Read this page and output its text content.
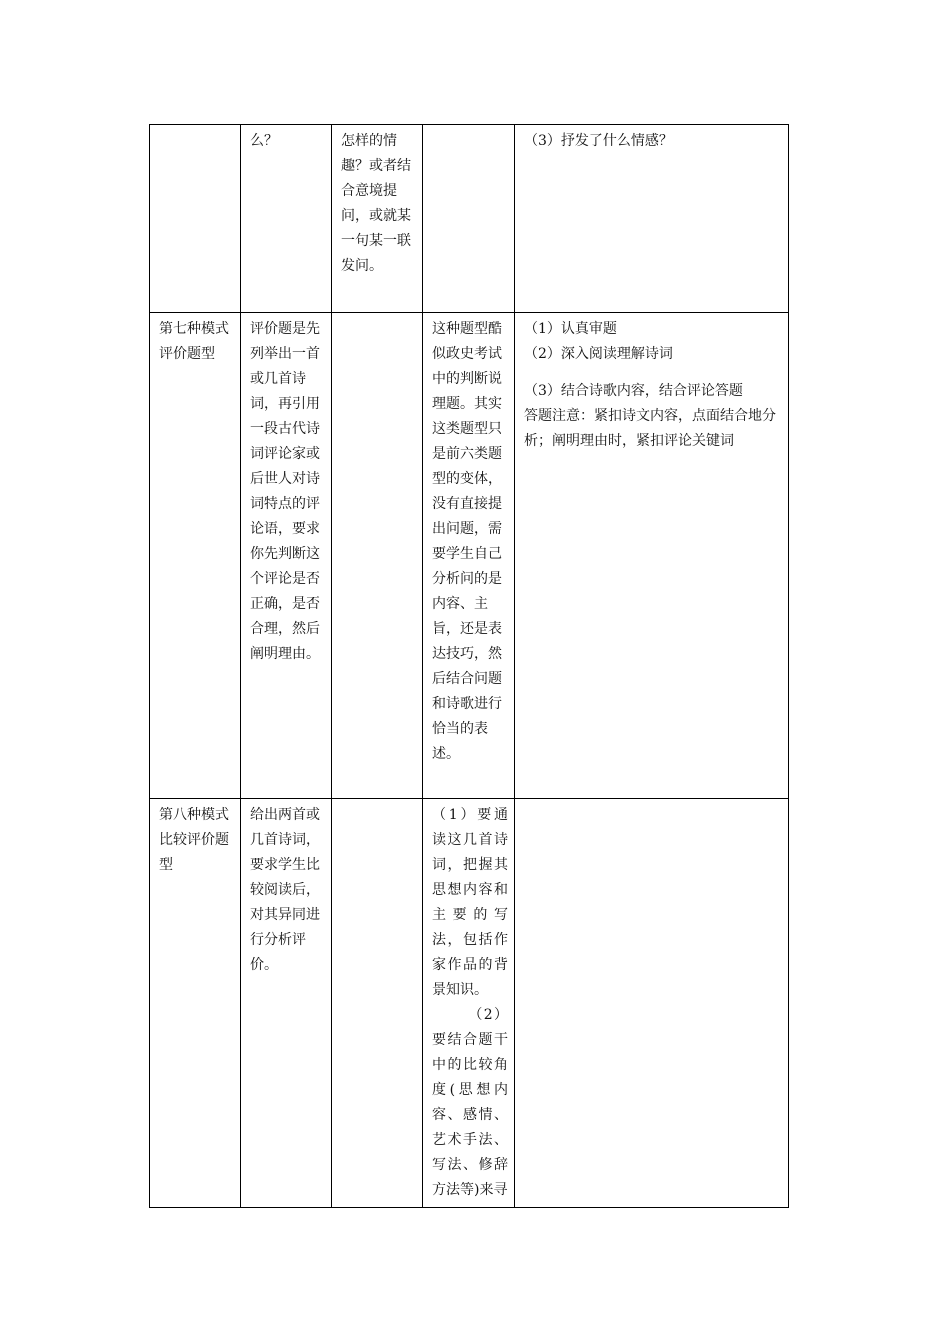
	么？	怎样的情趣？或者结合意境提问，或就某一句某一联发问。		（3）抒发了什么情感？

第七种模式评价题型	评价题是先列举出一首或几首诗词，再引用一段古代诗词评论家或后世人对诗词特点的评论语，要求你先判断这个评论是否正确，是否合理，然后阐明理由。		这种题型酷似政史考试中的判断说理题。其实这类题型只是前六类题型的变体，没有直接提出问题，需要学生自己分析问的是内容、主旨，还是表达技巧，然后结合问题和诗歌进行恰当的表述。	（1）认真审题
（2）深入阅读理解诗词
（3）结合诗歌内容，结合评论答题
答题注意：紧扣诗文内容，点面结合地分析；阐明理由时，紧扣评论关键词

第八种模式比较评价题型	给出两首或几首诗词，要求学生比较阅读后，对其异同进行分析评价。		（1）要通读这几首诗词，把握其思想内容和主要的写法，包括作家作品的背景知识。
（2）要结合题干中的比较角度(思想内容、感情、艺术手法、写法、修辞方法等)来寻	
